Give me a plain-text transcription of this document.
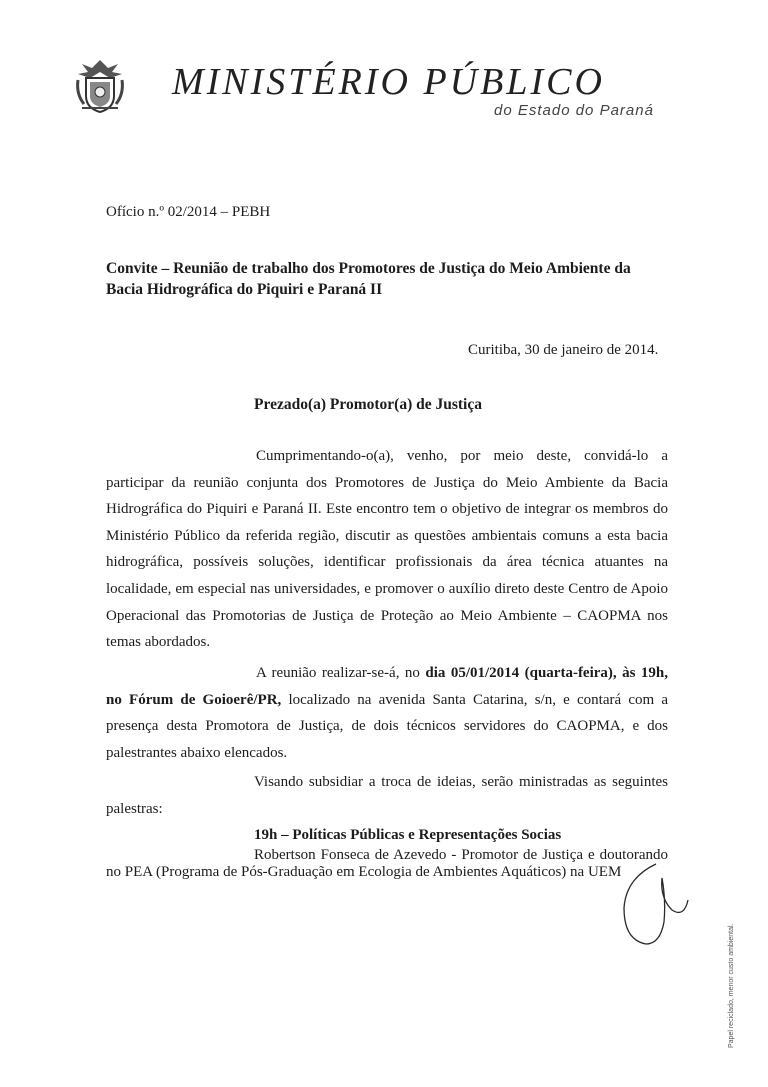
MINISTÉRIO PÚBLICO
do Estado do Paraná
Ofício n.º 02/2014 – PEBH
Convite – Reunião de trabalho dos Promotores de Justiça do Meio Ambiente da Bacia Hidrográfica do Piquiri e Paraná II
Curitiba, 30 de janeiro de 2014.
Prezado(a) Promotor(a) de Justiça
Cumprimentando-o(a), venho, por meio deste, convidá-lo a participar da reunião conjunta dos Promotores de Justiça do Meio Ambiente da Bacia Hidrográfica do Piquiri e Paraná II. Este encontro tem o objetivo de integrar os membros do Ministério Público da referida região, discutir as questões ambientais comuns a esta bacia hidrográfica, possíveis soluções, identificar profissionais da área técnica atuantes na localidade, em especial nas universidades, e promover o auxílio direto deste Centro de Apoio Operacional das Promotorias de Justiça de Proteção ao Meio Ambiente – CAOPMA nos temas abordados.
A reunião realizar-se-á, no dia 05/01/2014 (quarta-feira), às 19h, no Fórum de Goioerê/PR, localizado na avenida Santa Catarina, s/n, e contará com a presença desta Promotora de Justiça, de dois técnicos servidores do CAOPMA, e dos palestrantes abaixo elencados.
Visando subsidiar a troca de ideias, serão ministradas as seguintes palestras:
19h – Políticas Públicas e Representações Socias
Robertson Fonseca de Azevedo - Promotor de Justiça e doutorando no PEA (Programa de Pós-Graduação em Ecologia de Ambientes Aquáticos) na UEM
Papel reciclado, menor custo ambiental.
